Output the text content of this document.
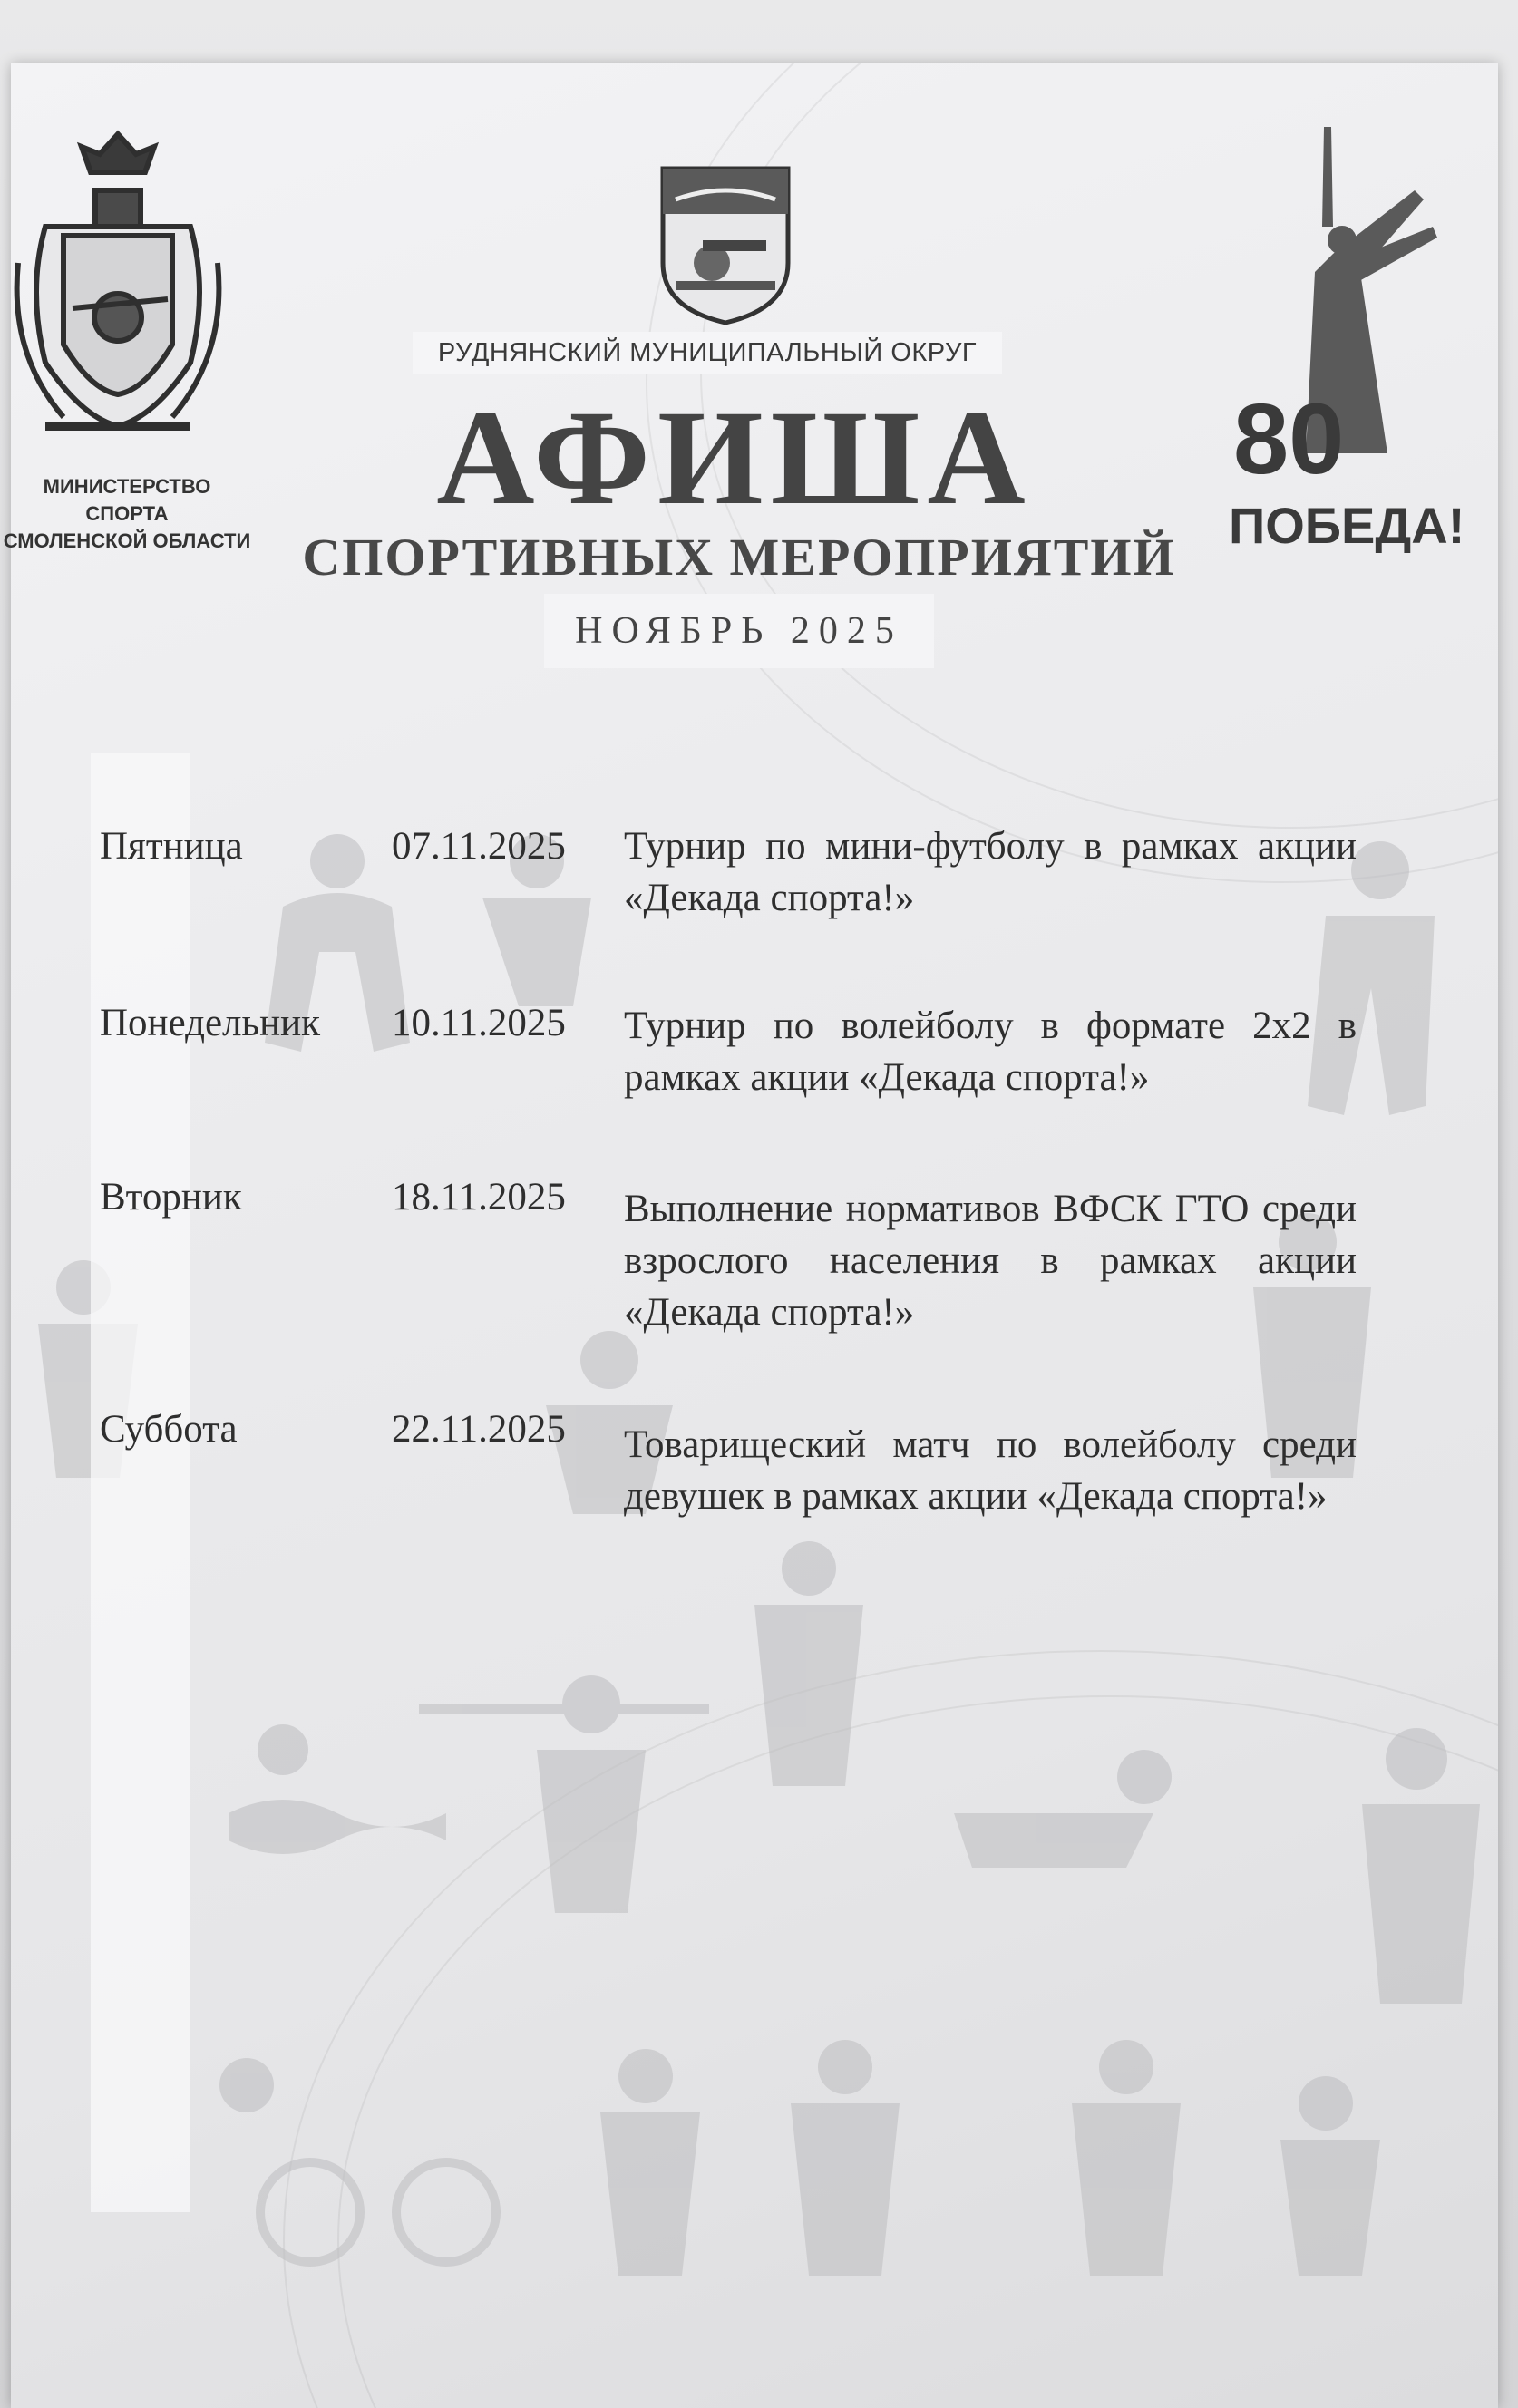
МИНИСТЕРСТВО СПОРТА
СМОЛЕНСКОЙ ОБЛАСТИ
РУДНЯНСКИЙ МУНИЦИПАЛЬНЫЙ ОКРУГ
АФИША
СПОРТИВНЫХ МЕРОПРИЯТИЙ
НОЯБРЬ 2025
80
ПОБЕДА!
Пятница	07.11.2025	Турнир по мини-футболу в рамках акции «Декада спорта!»
Понедельник	10.11.2025	Турнир по волейболу в формате 2х2 в рамках акции «Декада спорта!»
Вторник	18.11.2025	Выполнение нормативов ВФСК ГТО среди взрослого населения в рамках акции «Декада спорта!»
Суббота	22.11.2025	Товарищеский матч по волейболу среди девушек в рамках акции «Декада спорта!»
